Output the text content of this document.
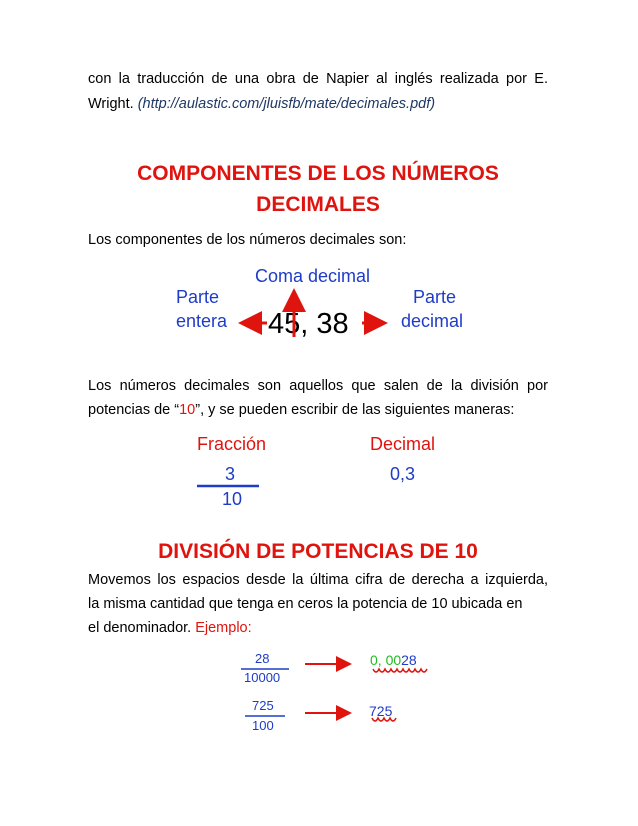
con la traducción de una obra de Napier al inglés realizada por E.
Wright. (http://aulastic.com/jluisfb/mate/decimales.pdf)
COMPONENTES DE LOS NÚMEROS
DECIMALES
Los componentes de los números decimales son:
Coma decimal
Parte
entera
Parte
decimal
45, 38
Los números decimales son aquellos que salen de la división por
potencias de “10”, y se pueden escribir de las siguientes maneras:
Fracción	Decimal
3
10
0,3
DIVISIÓN DE POTENCIAS DE 10
Movemos los espacios desde la última cifra de derecha a izquierda,
la misma cantidad que tenga en ceros la potencia de 10 ubicada en
el denominador. Ejemplo:
28
10000
0, 0028
725
100
725
